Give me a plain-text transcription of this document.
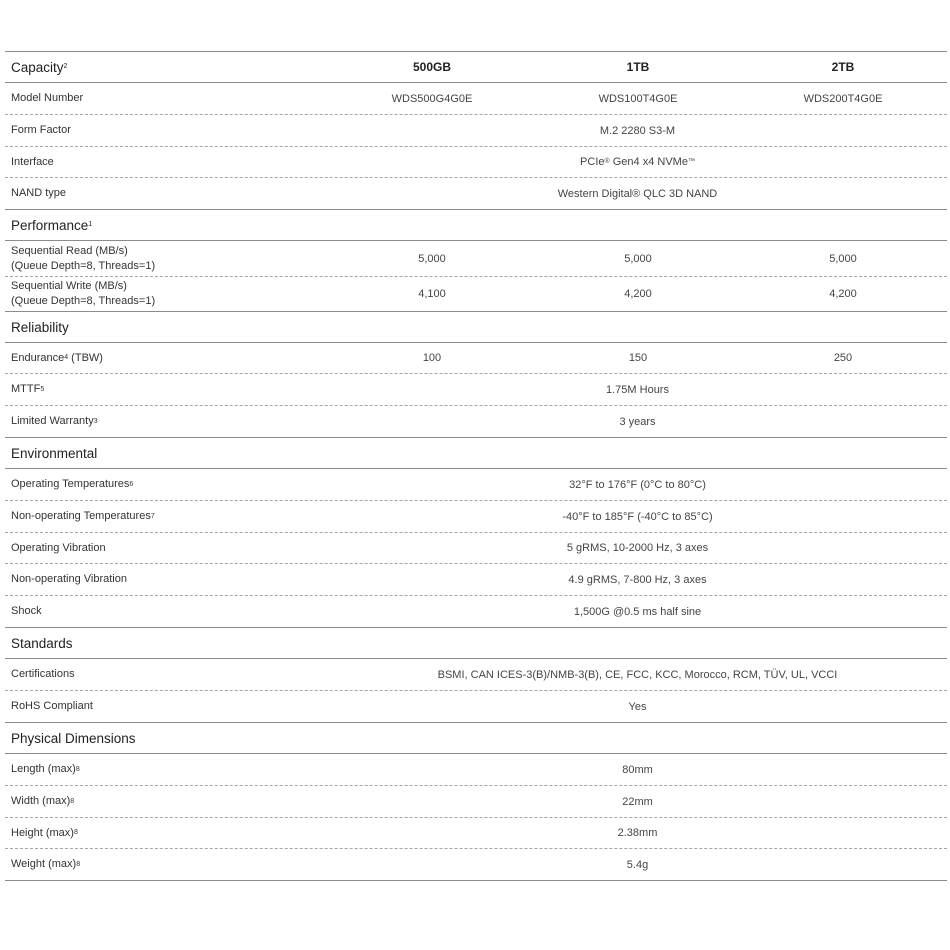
Capacity 2	500GB	1TB	2TB
Model Number	WDS500G4G0E	WDS100T4G0E	WDS200T4G0E
Form Factor	M.2 2280 S3-M
Interface	PCIe ® Gen4 x4 NVMe ™
NAND type	Western Digital® QLC 3D NAND
Performance 1
Sequential Read (MB/s)
(Queue Depth=8, Threads=1)
5,000	5,000	5,000
Sequential Write (MB/s)
(Queue Depth=8, Threads=1)
4,100	4,200	4,200
Reliability
Endurance 4 (TBW)	100	150	250
MTTF 5	1.75M Hours
Limited Warranty 3	3 years
Environmental
Operating Temperatures 6	32°F to 176°F (0°C to 80°C)
Non-operating Temperatures 7	-40°F to 185°F (-40°C to 85°C)
Operating Vibration	5 gRMS, 10-2000 Hz, 3 axes
Non-operating Vibration	4.9 gRMS, 7-800 Hz, 3 axes
Shock	1,500G @0.5 ms half sine
Standards
Certifications	BSMI, CAN ICES-3(B)/NMB-3(B), CE, FCC, KCC, Morocco, RCM, TÜV, UL, VCCI
RoHS Compliant	Yes
Physical Dimensions
Length (max) 8	80mm
Width (max) 8	22mm
Height (max) 8	2.38mm
Weight (max) 8	5.4g
